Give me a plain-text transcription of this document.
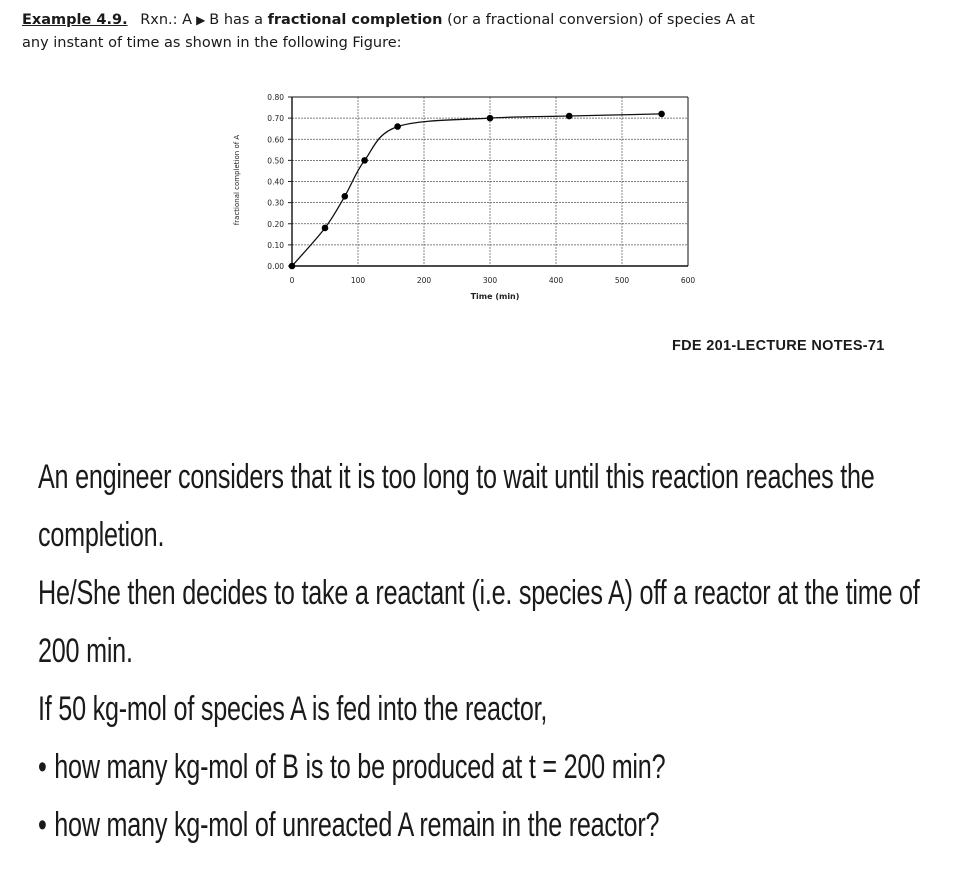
Example 4.9. Rxn.: A ▶ B has a fractional completion (or a fractional conversion) of species A at
any instant of time as shown in the following Figure:
0.00
0.10
0.20
0.30
0.40
0.50
0.60
0.70
0.80
0	100	200	300	400	500	600
Time (min)
fractional completion of A
FDE 201-LECTURE NOTES-71

An engineer considers that it is too long to wait until this reaction reaches the

completion.

He/She then decides to take a reactant (i.e. species A) off a reactor at the time of

200 min.

If 50 kg-mol of species A is fed into the reactor,

• how many kg-mol of B is to be produced at t = 200 min?

• how many kg-mol of unreacted A remain in the reactor?
